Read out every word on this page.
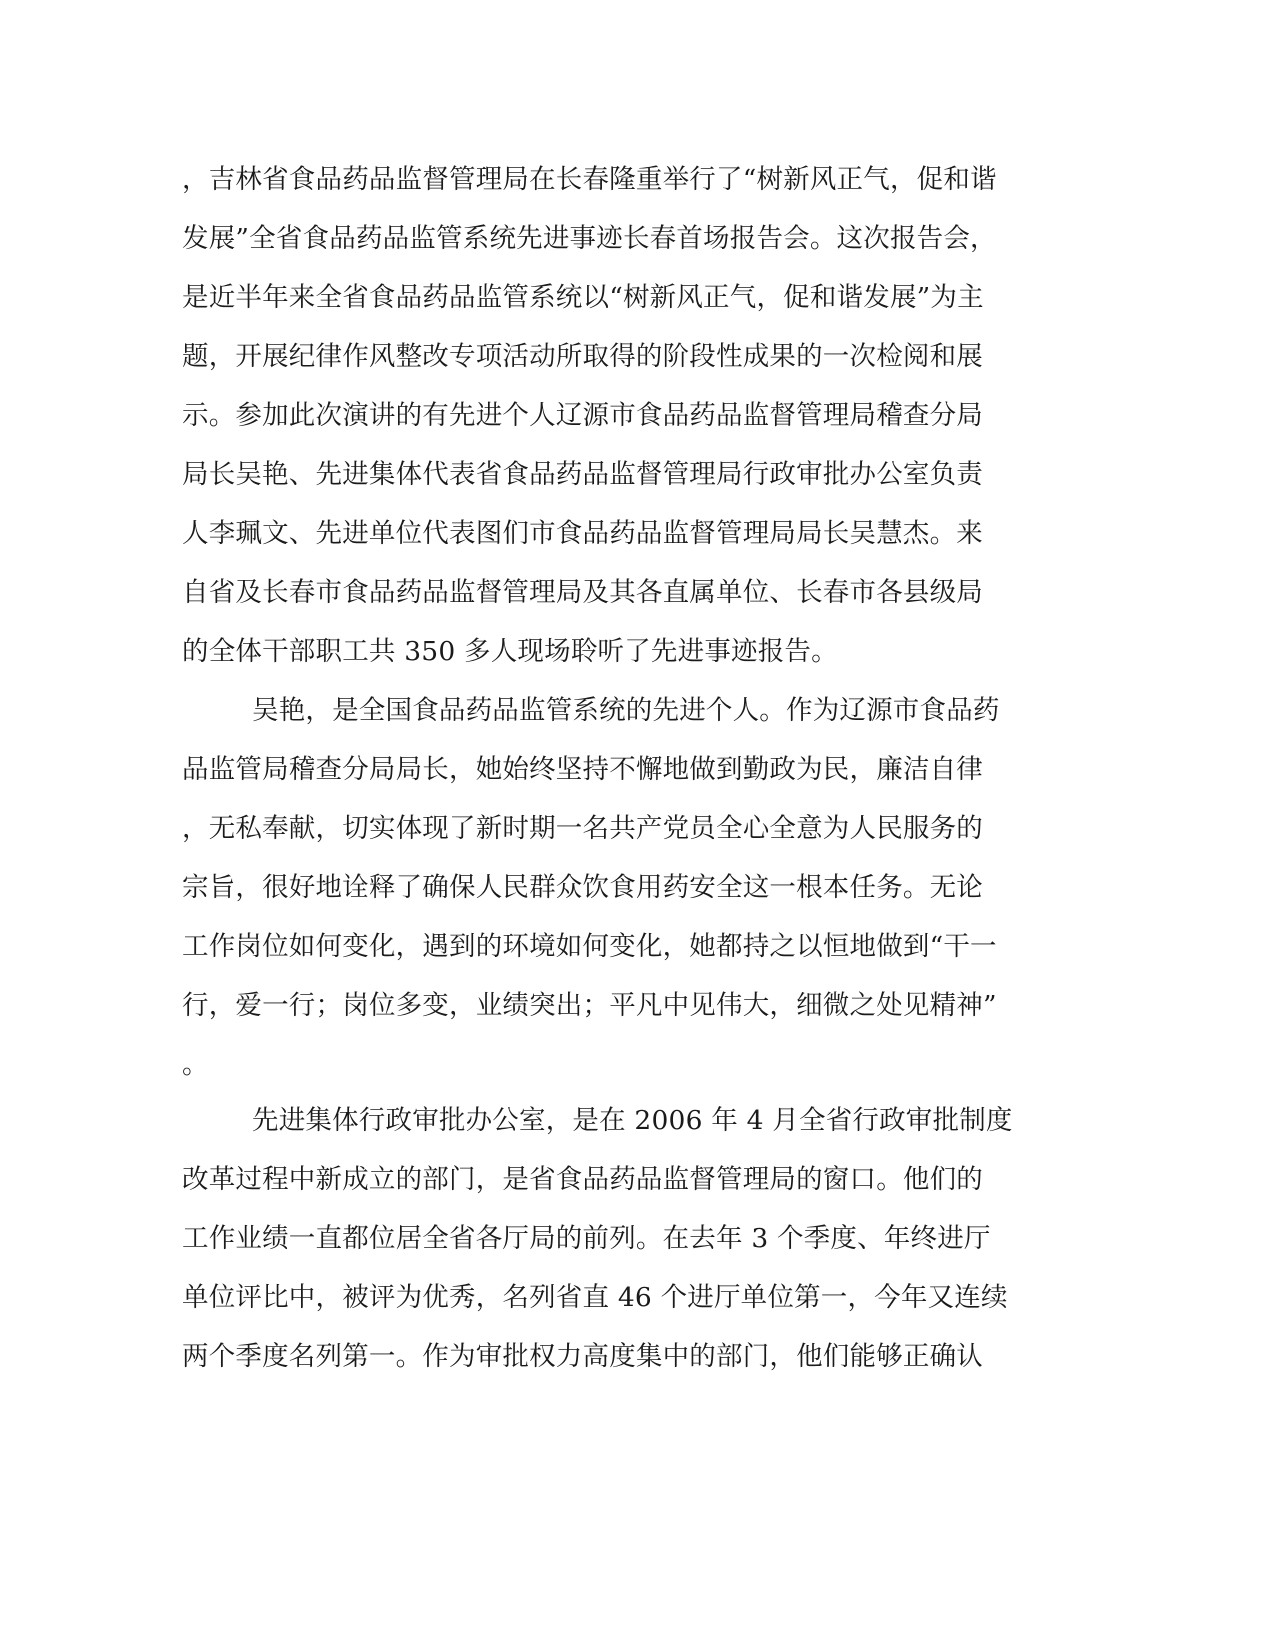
，吉林省食品药品监督管理局在长春隆重举行了“树新风正气，促和谐
发展”全省食品药品监管系统先进事迹长春首场报告会。这次报告会，
是近半年来全省食品药品监管系统以“树新风正气，促和谐发展”为主
题，开展纪律作风整改专项活动所取得的阶段性成果的一次检阅和展
示。参加此次演讲的有先进个人辽源市食品药品监督管理局稽查分局
局长吴艳、先进集体代表省食品药品监督管理局行政审批办公室负责
人李珮文、先进单位代表图们市食品药品监督管理局局长吴慧杰。来
自省及长春市食品药品监督管理局及其各直属单位、长春市各县级局
的全体干部职工共 350 多人现场聆听了先进事迹报告。
吴艳，是全国食品药品监管系统的先进个人。作为辽源市食品药
品监管局稽查分局局长，她始终坚持不懈地做到勤政为民，廉洁自律
，无私奉献，切实体现了新时期一名共产党员全心全意为人民服务的
宗旨，很好地诠释了确保人民群众饮食用药安全这一根本任务。无论
工作岗位如何变化，遇到的环境如何变化，她都持之以恒地做到“干一
行，爱一行；岗位多变，业绩突出；平凡中见伟大，细微之处见精神”
。
先进集体行政审批办公室，是在 2006 年 4 月全省行政审批制度
改革过程中新成立的部门，是省食品药品监督管理局的窗口。他们的
工作业绩一直都位居全省各厅局的前列。在去年 3 个季度、年终进厅
单位评比中，被评为优秀，名列省直 46 个进厅单位第一，今年又连续
两个季度名列第一。作为审批权力高度集中的部门，他们能够正确认
